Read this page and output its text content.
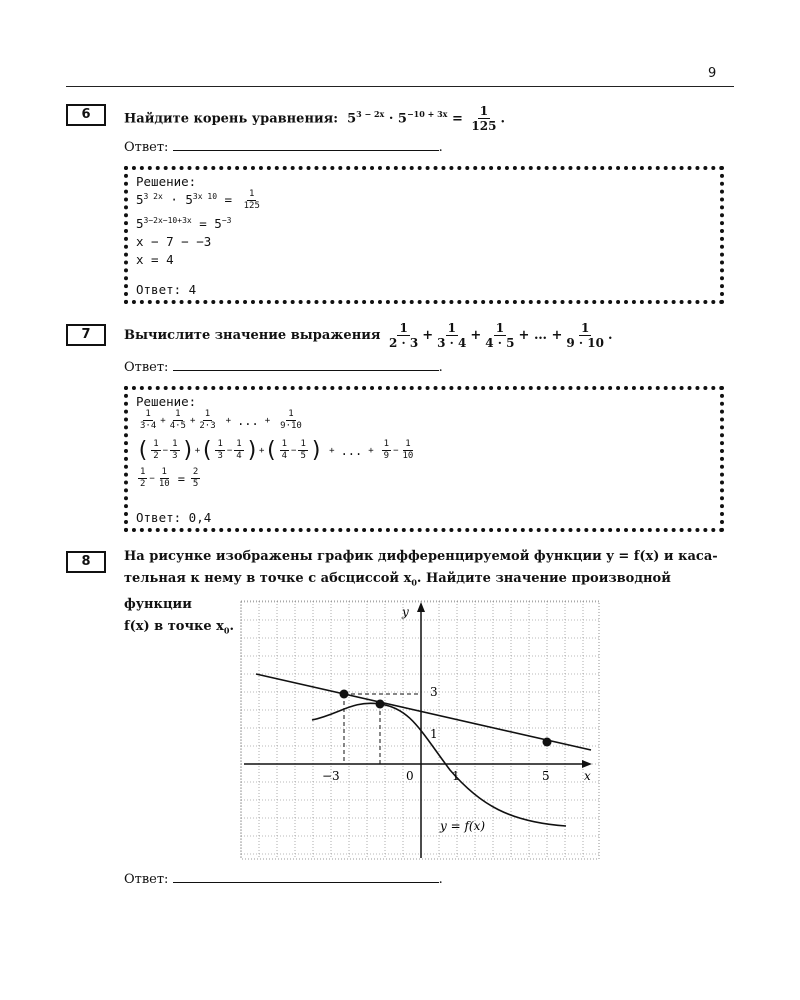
9
6	Найдите корень уравнения: $5^{3 - 2x} \cdot 5^{-10 + 3x} = \frac{1}{125}$ .
Ответ:	.
Решение:
$5^{3 2x} \cdot 5^{3x 10} = \frac{1}{125}$
$5^{3-2x-10+3x} = 5^{-3}$
x − 7 − −3
x = 4
Ответ: 4
7	Вычислите значение выражения
$\frac{1}{2 \cdot 3} + \frac{1}{3 \cdot 4} + \frac{1}{4 \cdot 5}$ +
…
+ $\frac{1}{9 \cdot 10}$ .
Ответ:	.
Решение:
$\frac{1}{3\cdot 4} + \frac{1}{4\cdot 5} + \frac{1}{2\cdot 3}$ + ... + $\frac{1}{9\cdot 10}$
( $\frac{1}{2} - \frac{1}{3}$ ) + ( $\frac{1}{3} - \frac{1}{4}$ ) + ( $\frac{1}{4} - \frac{1}{5}$ ) + ... + $\frac{1}{9} - \frac{1}{10}$
$\frac{1}{2} - \frac{1}{10} = \frac{2}{5}$
Ответ: 0,4
8	На рисунке изображены график дифференцируемой функции y = f(x) и каса-
тельная к нему в точке с абсциссой $x_0$. Найдите значение производной функции
f(x) в точке $x_0$.
3
1
−3	0	1	5	x
y
y = f(x)
Ответ:	.
